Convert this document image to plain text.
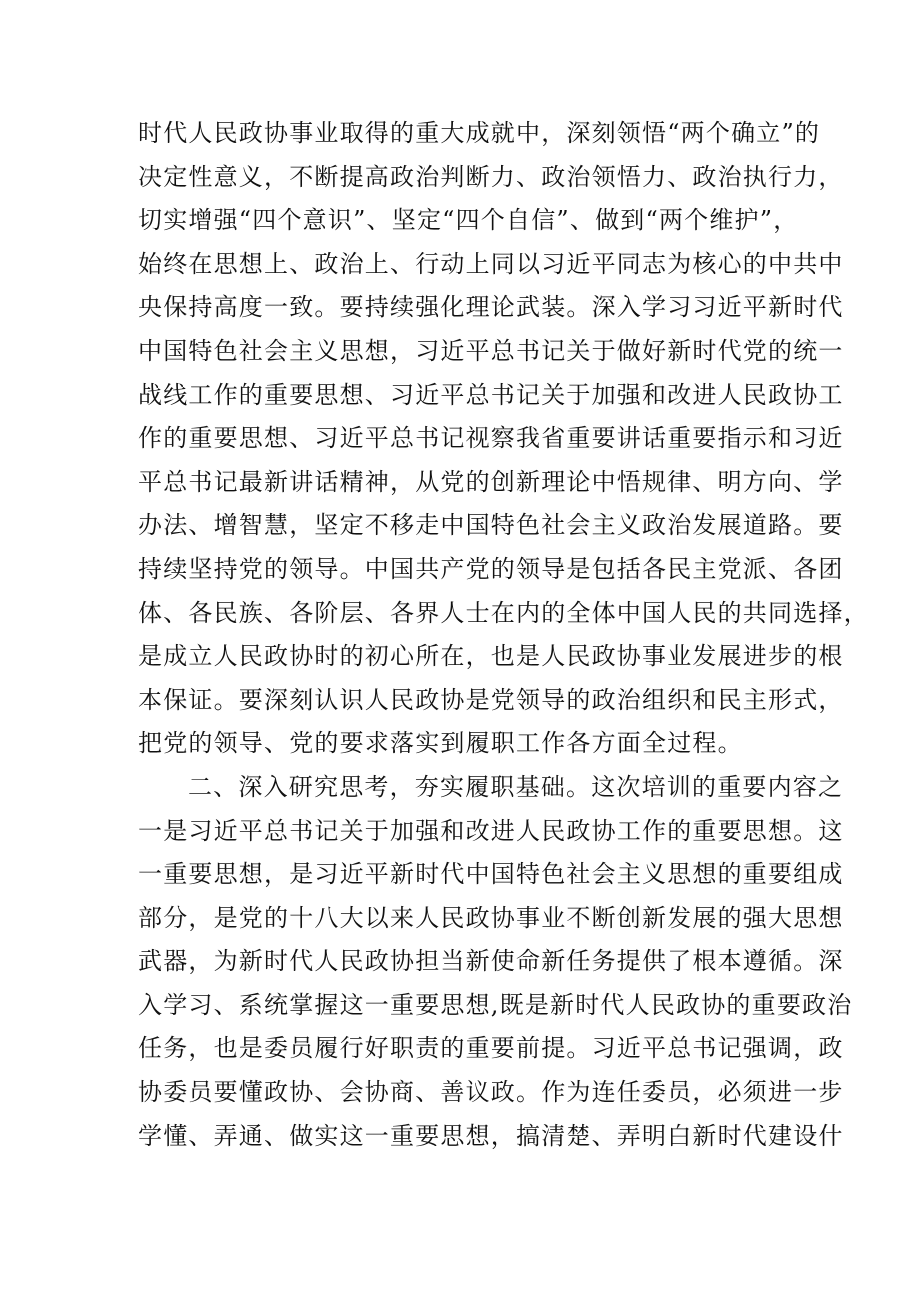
时代人民政协事业取得的重大成就中，深刻领悟“两个确立”的
决定性意义，不断提高政治判断力、政治领悟力、政治执行力，
切实增强“四个意识”、坚定“四个自信”、做到“两个维护”，
始终在思想上、政治上、行动上同以习近平同志为核心的中共中
央保持高度一致。要持续强化理论武装。深入学习习近平新时代
中国特色社会主义思想，习近平总书记关于做好新时代党的统一
战线工作的重要思想、习近平总书记关于加强和改进人民政协工
作的重要思想、习近平总书记视察我省重要讲话重要指示和习近
平总书记最新讲话精神，从党的创新理论中悟规律、明方向、学
办法、增智慧，坚定不移走中国特色社会主义政治发展道路。要
持续坚持党的领导。中国共产党的领导是包括各民主党派、各团
体、各民族、各阶层、各界人士在内的全体中国人民的共同选择，
是成立人民政协时的初心所在，也是人民政协事业发展进步的根
本保证。要深刻认识人民政协是党领导的政治组织和民主形式，
把党的领导、党的要求落实到履职工作各方面全过程。
二、深入研究思考，夯实履职基础。这次培训的重要内容之
一是习近平总书记关于加强和改进人民政协工作的重要思想。这
一重要思想，是习近平新时代中国特色社会主义思想的重要组成
部分，是党的十八大以来人民政协事业不断创新发展的强大思想
武器，为新时代人民政协担当新使命新任务提供了根本遵循。深
入学习、系统掌握这一重要思想,既是新时代人民政协的重要政治
任务，也是委员履行好职责的重要前提。习近平总书记强调，政
协委员要懂政协、会协商、善议政。作为连任委员，必须进一步
学懂、弄通、做实这一重要思想，搞清楚、弄明白新时代建设什
